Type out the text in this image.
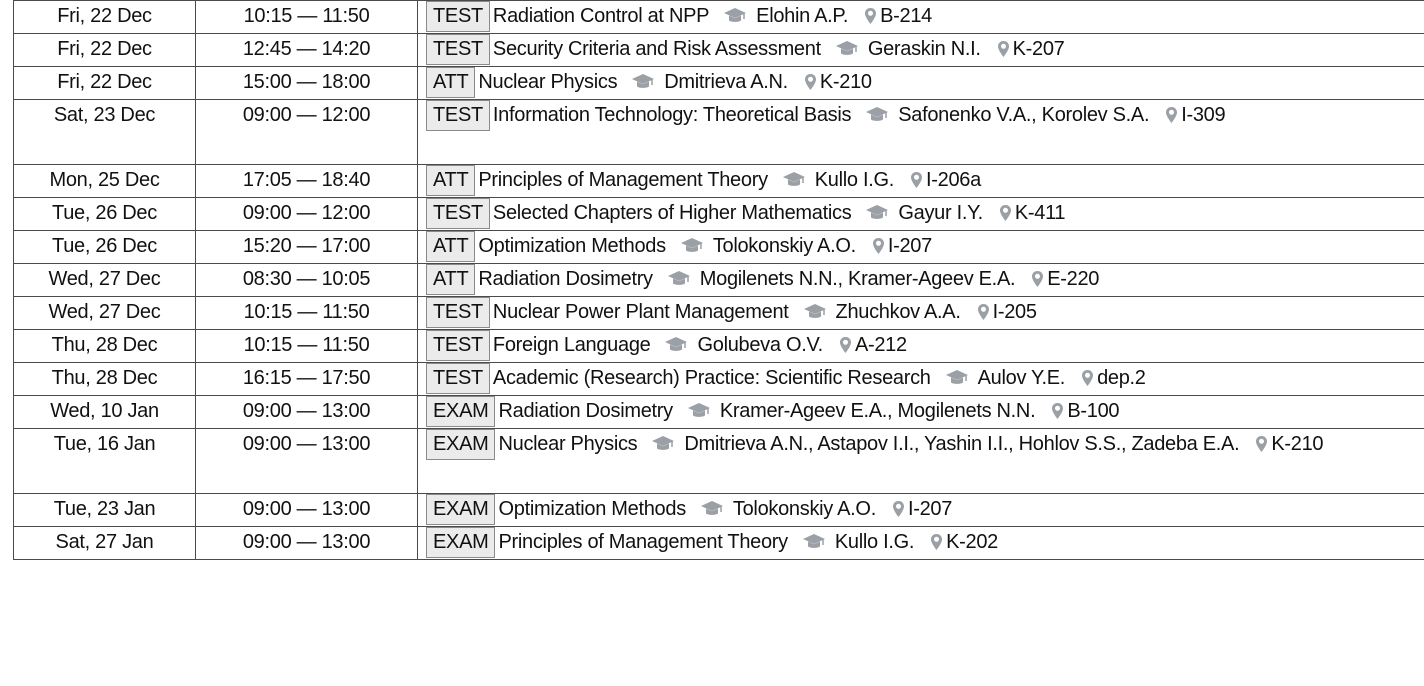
Fri, 22 Dec	10:15 — 11:50	TEST Radiation Control at NPP Elohin A.P. B-214
Fri, 22 Dec	12:45 — 14:20	TEST Security Criteria and Risk Assessment Geraskin N.I. K-207
Fri, 22 Dec	15:00 — 18:00	ATT Nuclear Physics Dmitrieva A.N. K-210
Sat, 23 Dec	09:00 — 12:00	TEST Information Technology: Theoretical Basis Safonenko V.A., Korolev S.A. I-309
Mon, 25 Dec	17:05 — 18:40	ATT Principles of Management Theory Kullo I.G. I-206a
Tue, 26 Dec	09:00 — 12:00	TEST Selected Chapters of Higher Mathematics Gayur I.Y. K-411
Tue, 26 Dec	15:20 — 17:00	ATT Optimization Methods Tolokonskiy A.O. I-207
Wed, 27 Dec	08:30 — 10:05	ATT Radiation Dosimetry Mogilenets N.N., Kramer-Ageev E.A. E-220
Wed, 27 Dec	10:15 — 11:50	TEST Nuclear Power Plant Management Zhuchkov A.A. I-205
Thu, 28 Dec	10:15 — 11:50	TEST Foreign Language Golubeva O.V. A-212
Thu, 28 Dec	16:15 — 17:50	TEST Academic (Research) Practice: Scientific Research Aulov Y.E. dep.2
Wed, 10 Jan	09:00 — 13:00	EXAM Radiation Dosimetry Kramer-Ageev E.A., Mogilenets N.N. B-100
Tue, 16 Jan	09:00 — 13:00	EXAM Nuclear Physics Dmitrieva A.N., Astapov I.I., Yashin I.I., Hohlov S.S., Zadeba E.A. K-210
Tue, 23 Jan	09:00 — 13:00	EXAM Optimization Methods Tolokonskiy A.O. I-207
Sat, 27 Jan	09:00 — 13:00	EXAM Principles of Management Theory Kullo I.G. K-202
